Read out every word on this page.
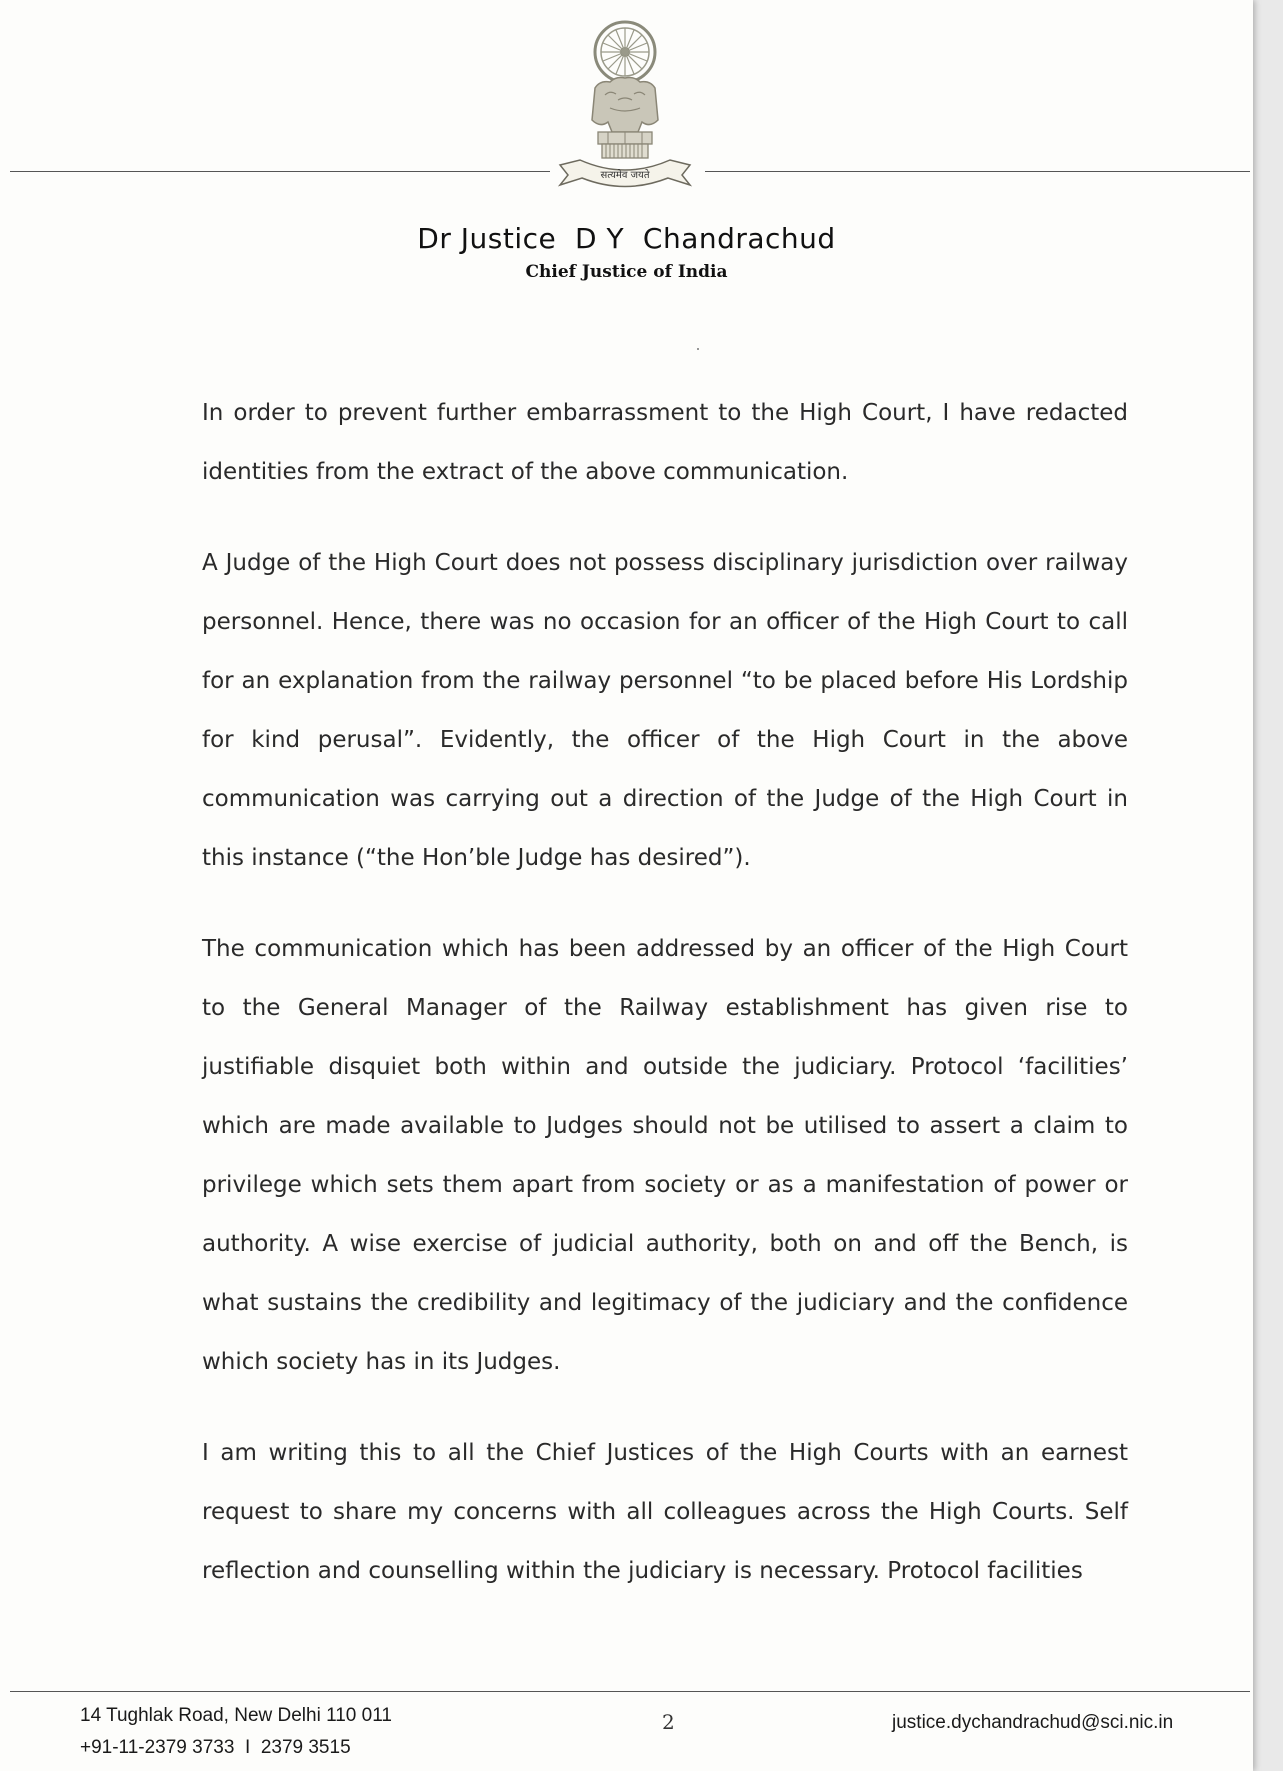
सत्यमेव जयते
Dr Justice  D Y  Chandrachud
Chief Justice of India

In order to prevent further embarrassment to the High Court, I have redacted identities from the extract of the above communication.

A Judge of the High Court does not possess disciplinary jurisdiction over railway personnel. Hence, there was no occasion for an officer of the High Court to call for an explanation from the railway personnel “to be placed before His Lordship for kind perusal”. Evidently, the officer of the High Court in the above communication was carrying out a direction of the Judge of the High Court in this instance (“the Hon’ble Judge has desired”).

The communication which has been addressed by an officer of the High Court to the General Manager of the Railway establishment has given rise to justifiable disquiet both within and outside the judiciary. Protocol ‘facilities’ which are made available to Judges should not be utilised to assert a claim to privilege which sets them apart from society or as a manifestation of power or authority. A wise exercise of judicial authority, both on and off the Bench, is what sustains the credibility and legitimacy of the judiciary and the confidence which society has in its Judges.

I am writing this to all the Chief Justices of the High Courts with an earnest request to share my concerns with all colleagues across the High Courts. Self reflection and counselling within the judiciary is necessary. Protocol facilities

14 Tughlak Road, New Delhi 110 011
+91-11-2379 3733  I  2379 3515
2	justice.dychandrachud@sci.nic.in
